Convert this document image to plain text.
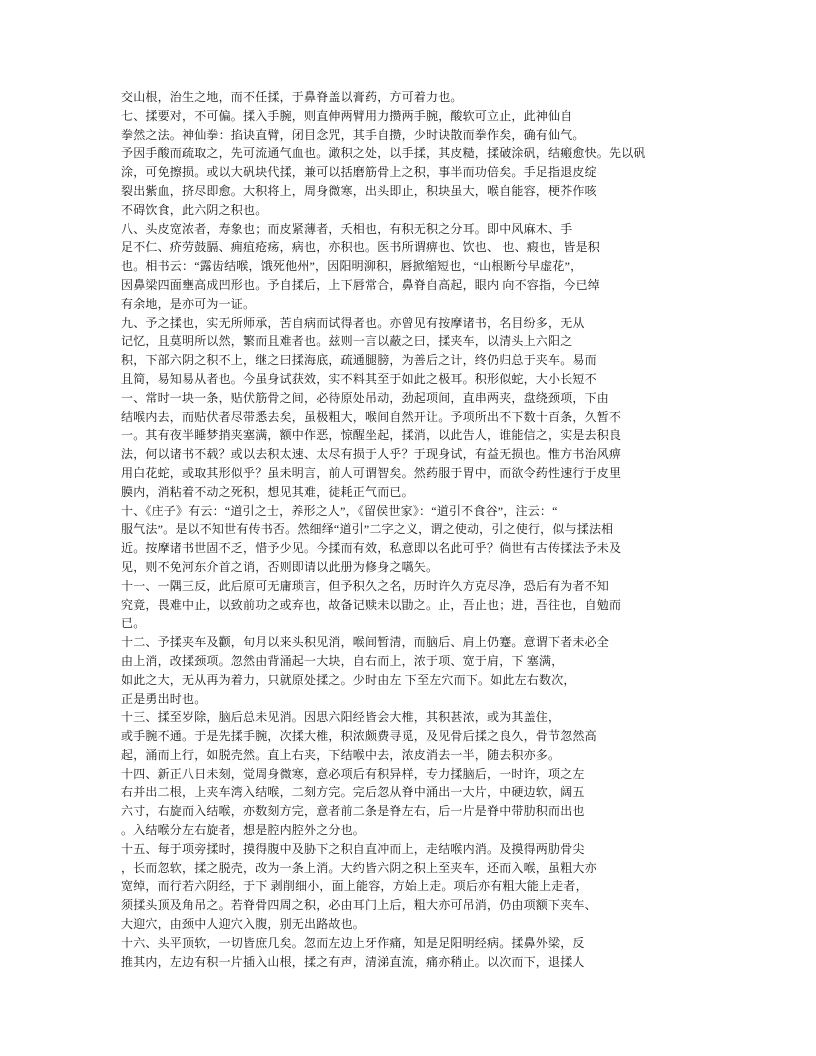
交山根，治生之地，而不任揉，于鼻脊盖以膏药，方可着力也。
七、揉要对，不可偏。揉入手腕，则直伸两臂用力攒两手腕，酸软可立止，此神仙自
拳然之法。神仙拳：掐诀直臂，闭目念咒，其手自攒，少时诀散而拳作矣，确有仙气。
予因手酸而疏取之，先可流通气血也。澉积之处，以手揉，其皮糙，揉破涂矾，结瘢愈快。先以矾
涂，可免擦损。或以大矾块代揉，兼可以括磨筋骨上之积，事半而功倍矣。手足指退皮绽
裂出紫血，挤尽即愈。大积将上，周身微寒，出头即止，积块虽大，喉自能容，梗芥作咳
不碍饮食，此六阴之积也。
八、头皮宽浓者，寿象也；而皮紧薄者，夭相也，有积无积之分耳。即中风麻木、手
足不仁、疥劳鼓膈、痈疽疮疡，病也，亦积也。医书所谓痹也、饮也、 也、瘕也，皆是积
也。相书云：“露齿结喉，饿死他州”，因阳明泖积，唇掀缩短也，“山根断兮早虚花”，
因鼻梁四面壅高成凹形也。予自揉后，上下唇常合，鼻脊自高起，眼内 向不容指，今已绰
有余地，是亦可为一证。
九、予之揉也，实无所师承，苦自病而试得者也。亦曾见有按摩诸书，名目纷多，无从
记忆，且莫明所以然，繁而且难者也。兹则一言以蔽之曰，揉夹车，以清头上六阳之
积，下部六阴之积不上，继之曰揉海底，疏通腿膀，为善后之计，终仍归总于夹车。易而
且简，易知易从者也。今虽身试获效，实不料其至于如此之极耳。积形似蛇，大小长短不
一、常时一块一条，贴伏筋骨之间，必待原处吊动，劲起项间，直串两夹，盘绕颈项，下由
结喉内去，而贴伏者尽带悉去矣，虽极粗大，喉间自然开让。予项所出不下数十百条，久暂不
一。其有夜半睡梦捎夹塞满，额中作恶，惊醒坐起，揉消，以此告人，谁能信之，实是去积良
法，何以诸书不载？或以去积太速、太尽有损于人乎？于现身试，有益无损也。惟方书治风痹
用白花蛇，或取其形似乎？虽未明言，前人可谓智矣。然药服于胃中，而欲令药性速行于皮里
膜内，消粘着不动之死积，想见其难，徒耗正气而已。
十、《庄子》有云：“道引之士，养形之人”，《留侯世家》：“道引不食谷”，注云：“
服气法”。是以不知世有传书否。然细绎“道引”二字之义，谓之使动，引之使行，似与揉法相
近。按摩诸书世固不乏，惜予少见。今揉而有效，私意即以名此可乎？倘世有古传揉法予未及
见，则不免河东介首之诮，否则即请以此册为修身之嚆矢。
十一、一隅三反，此后原可无庸琐言，但予积久之名，历时许久方克尽净，恐后有为者不知
究竟，畏难中止，以致前功之或弃也，故备记赎未以勖之。止，吾止也；进，吾往也，自勉而
已。
十二、予揉夹车及颧，旬月以来头积见消，喉间暂清，而脑后、肩上仍蹇。意谓下者未必全
由上消，改揉颈项。忽然由背涌起一大块，自右而上，浓于项、宽于肩，下 塞满，
如此之大，无从再为着力，只就原处揉之。少时由左 下至左穴而下。如此左右数次，
正是勇出时也。
十三、揉至岁除，脑后总未见消。因思六阳经皆会大椎，其积甚浓，或为其盖住，
或手腕不通。于是先揉手腕，次揉大椎，积浓颇费寻觅，及见骨后揉之良久，骨节忽然高
起，涌而上行，如脱壳然。直上右夹，下结喉中去，浓皮消去一半，随去积亦多。
十四、新正八日未刻，觉周身微寒，意必项后有积异样，专力揉脑后，一时许，项之左
右并出二根，上夹车湾入结喉，二刻方完。完后忽从脊中涌出一大片，中硬边软，阔五
六寸，右旋而入结喉，亦数刻方完，意者前二条是脊左右，后一片是脊中带肋积而出也
。入结喉分左右旋者，想是腔内腔外之分也。
十五、每于项旁揉时，摸得腹中及胁下之积自直冲而上，走结喉内消。及摸得两肋骨尖
，长而忽软，揉之脱壳，改为一条上消。大约皆六阴之积上至夹车，还而入喉，虽粗大亦
宽绰，而行若六阴经，于下 剥削细小，面上能容，方始上走。项后亦有粗大能上走者，
须揉头顶及角吊之。若脊骨四周之积，必由耳门上后，粗大亦可吊消，仍由项额下夹车、
大迎穴，由颈中人迎穴入腹，别无出路故也。
十六、头平顶软，一切皆庶几矣。忽而左边上牙作痛，知是足阳明经病。揉鼻外梁，反
推其内，左边有积一片插入山根，揉之有声，清涕直流，痛亦稍止。以次而下，退揉人
